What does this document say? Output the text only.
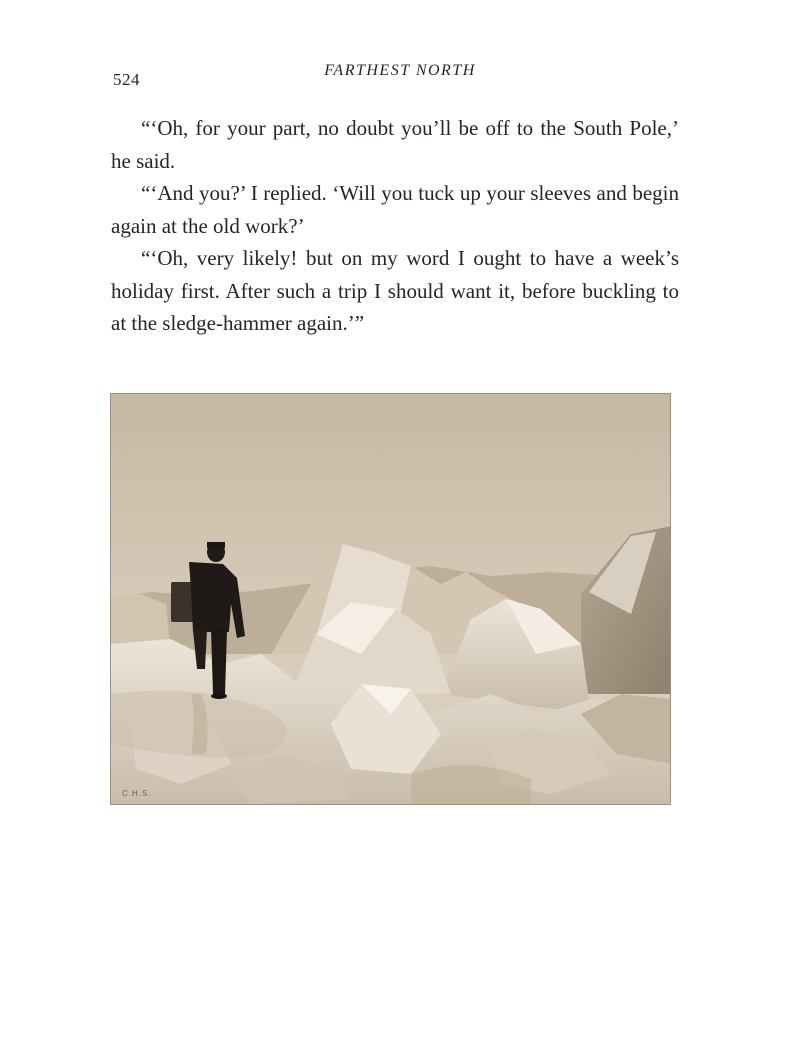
524	FARTHEST NORTH

“‘Oh, for your part, no doubt you’ll be off to the South Pole,’ he said.

“‘And you?’ I replied. ‘Will you tuck up your sleeves and begin again at the old work?’

“‘Oh, very likely! but on my word I ought to have a week’s holiday first. After such a trip I should want it, before buckling to at the sledge-hammer again.’”

C.H.S.
